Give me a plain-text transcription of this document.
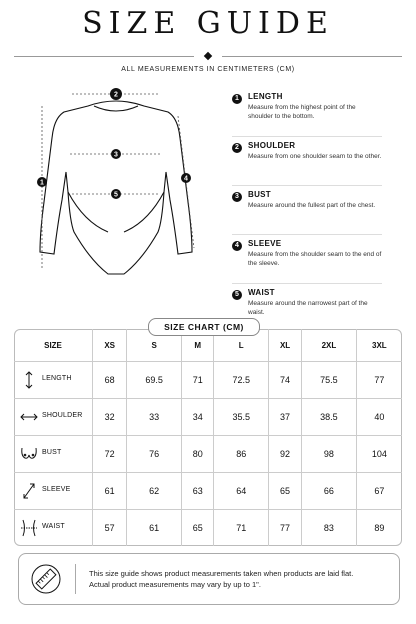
SIZE GUIDE
ALL MEASUREMENTS IN CENTIMETERS (CM)
2
3
5
1
4
1	LENGTH
Measure from the highest point of the shoulder to the bottom.
2	SHOULDER
Measure from one shoulder seam to the other.
3	BUST
Measure around the fullest part of the chest.
4	SLEEVE
Measure from the shoulder seam to the end of the sleeve.
5	WAIST
Measure around the narrowest part of the waist.
SIZE CHART (CM)
SIZE	XS	S	M	L	XL	2XL	3XL

LENGTH	68	69.5	71	72.5	74	75.5	77

SHOULDER	32	33	34	35.5	37	38.5	40

BUST	72	76	80	86	92	98	104

SLEEVE	61	62	63	64	65	66	67

WAIST	57	61	65	71	77	83	89
This size guide shows product measurements taken when products are laid flat.
Actual product measurements may vary by up to 1".
